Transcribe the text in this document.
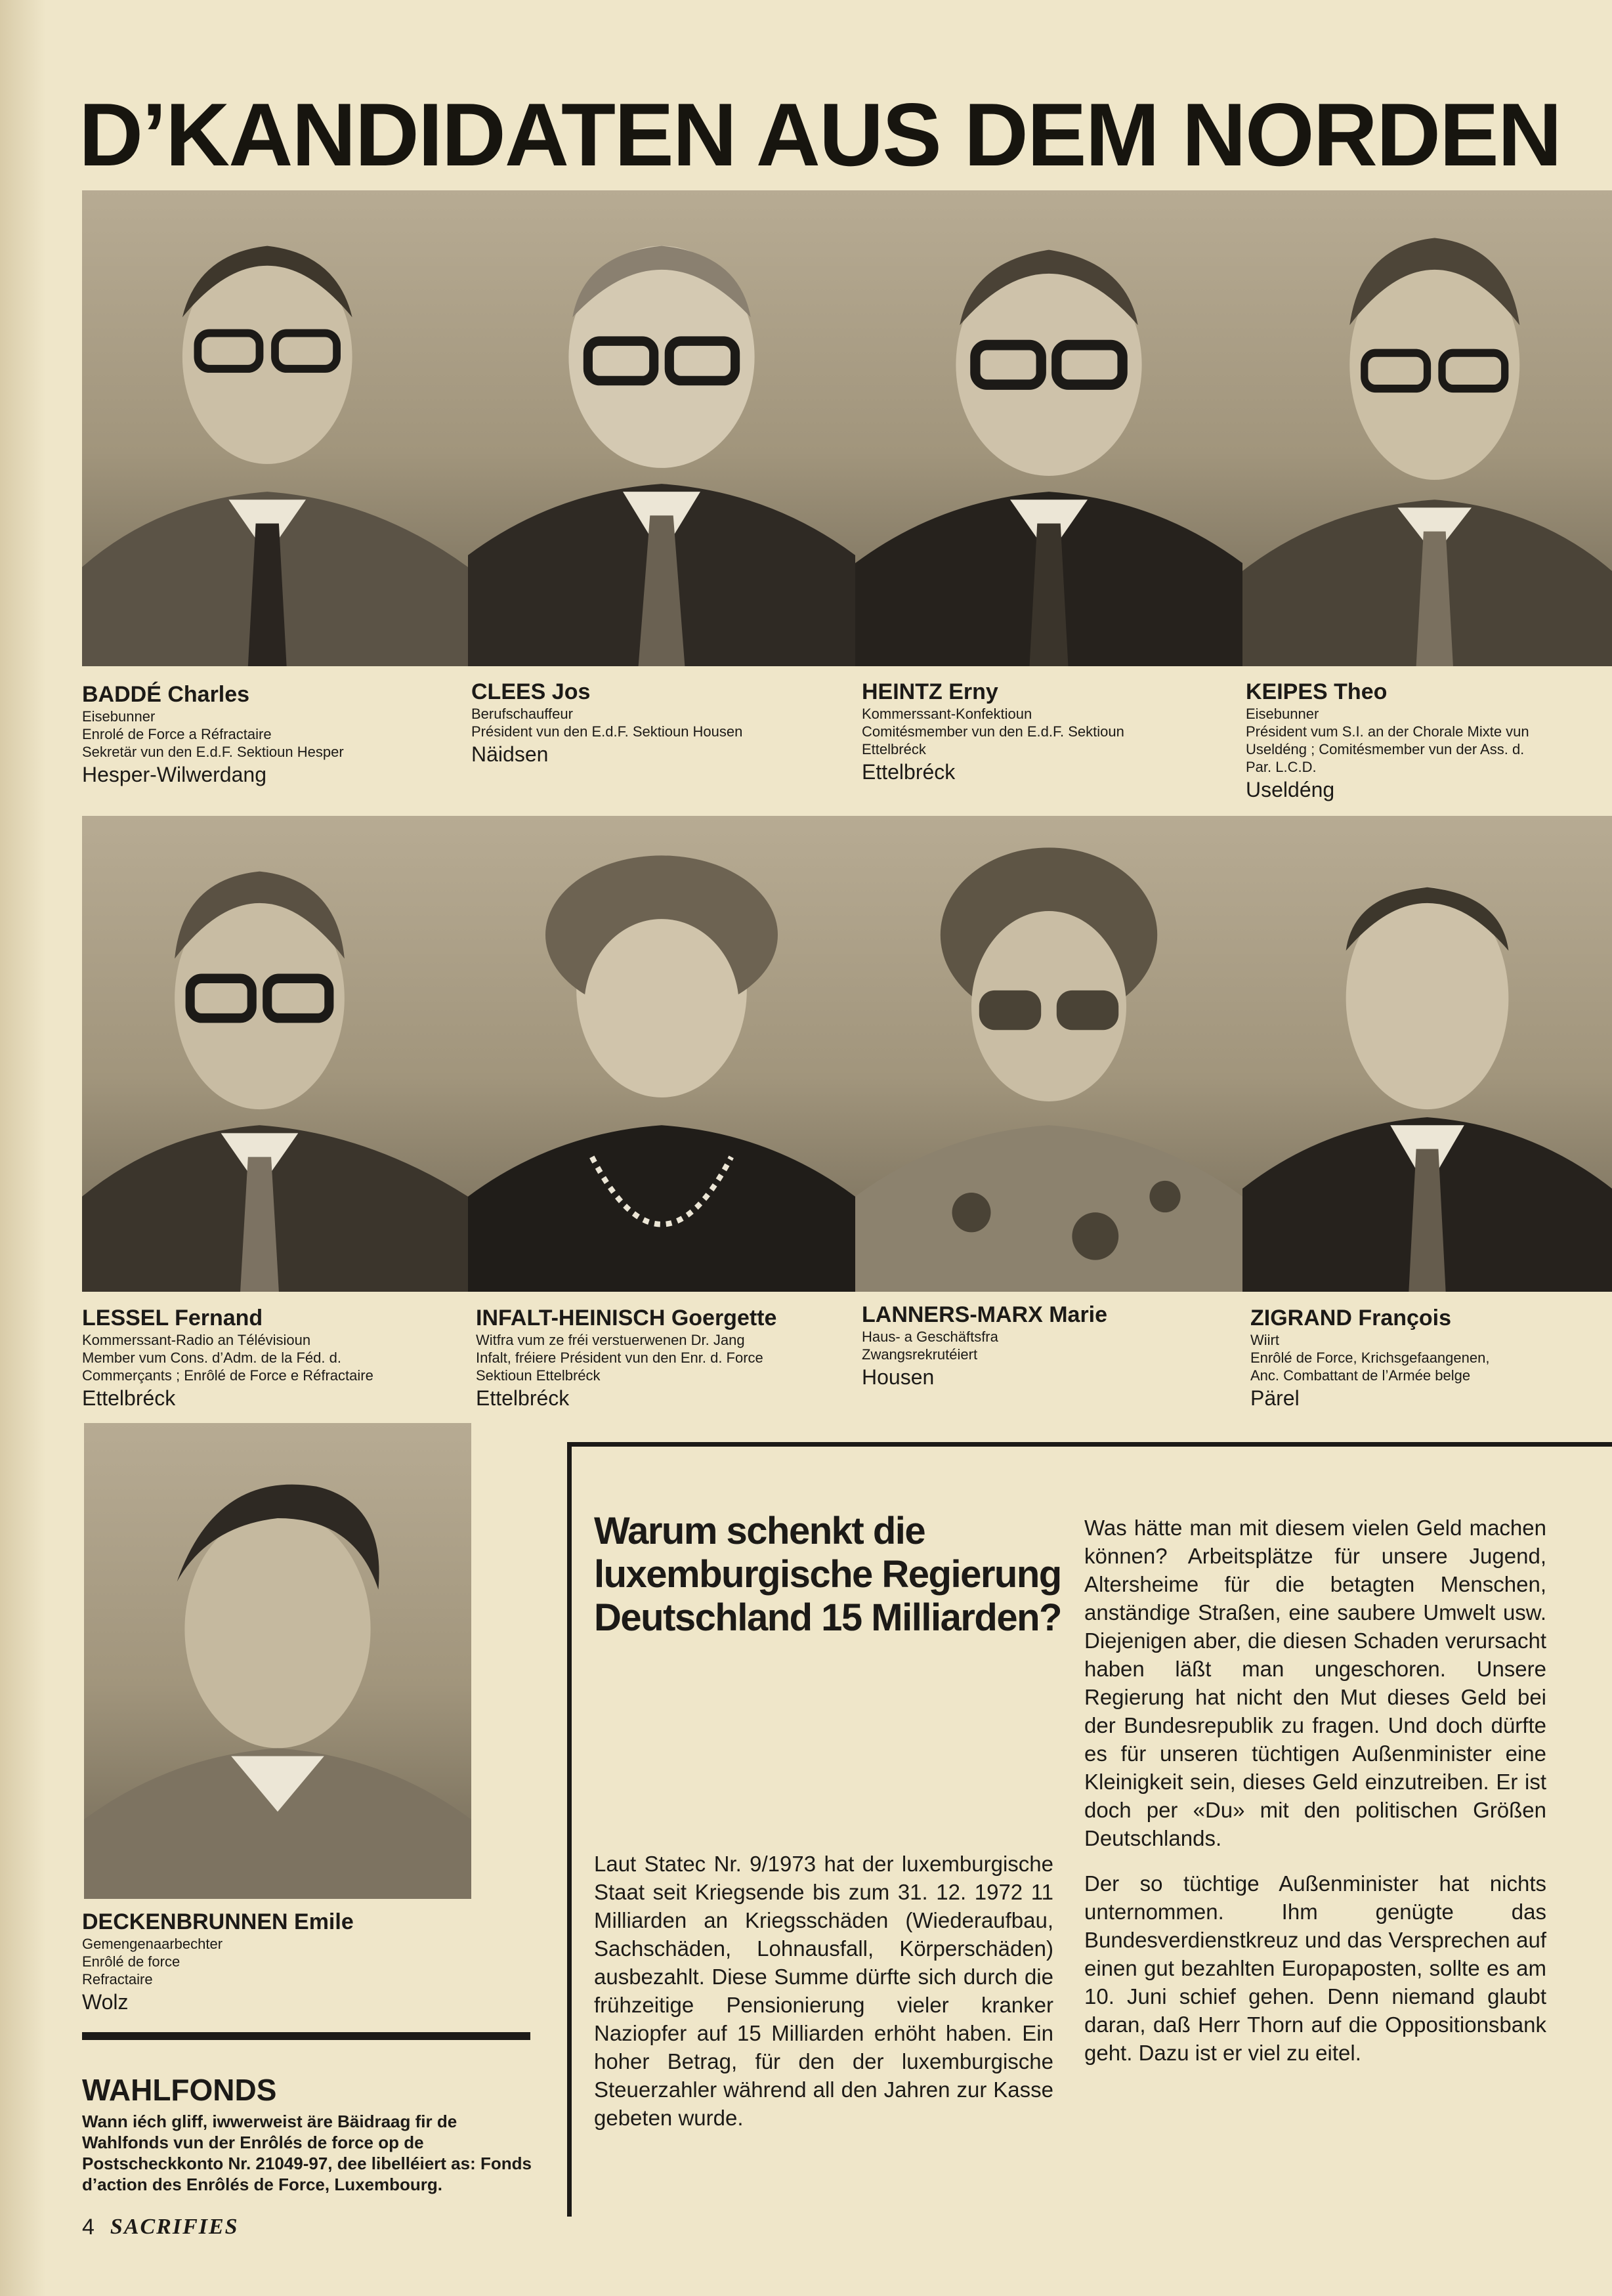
D’KANDIDATEN AUS DEM NORDEN
BADDÉ Charles
Eisebunner
Enrolé de Force a Réfractaire
Sekretär vun den E.d.F. Sektioun Hesper
Hesper-Wilwerdang
CLEES Jos
Berufschauffeur
Président vun den E.d.F. Sektioun Housen
Näidsen
HEINTZ Erny
Kommerssant-Konfektioun
Comitésmember vun den E.d.F. Sektioun
Ettelbréck
Ettelbréck
KEIPES Theo
Eisebunner
Président vum S.I. an der Chorale Mixte vun
Useldéng ; Comitésmember vun der Ass. d.
Par. L.C.D.
Useldéng
LESSEL Fernand
Kommerssant-Radio an Télévisioun
Member vum Cons. d’Adm. de la Féd. d.
Commerçants ; Enrôlé de Force e Réfractaire
Ettelbréck
INFALT-HEINISCH Goergette
Witfra vum ze fréi verstuerwenen Dr. Jang
Infalt, fréiere Président vun den Enr. d. Force
Sektioun Ettelbréck
Ettelbréck
LANNERS-MARX Marie
Haus- a Geschäftsfra
Zwangsrekrutéiert
Housen
ZIGRAND François
Wiirt
Enrôlé de Force, Krichsgefaangenen,
Anc. Combattant de l’Armée belge
Pärel
DECKENBRUNNEN Emile
Gemengenaarbechter
Enrôlé de force
Refractaire
Wolz
Warum schenkt die luxemburgische Regierung Deutschland 15 Milliarden?

Laut Statec Nr. 9/1973 hat der luxemburgische Staat seit Kriegsende bis zum 31. 12. 1972 11 Milliarden an Kriegsschäden (Wiederaufbau, Sachschäden, Lohnausfall, Körperschäden) ausbezahlt. Diese Summe dürfte sich durch die frühzeitige Pensionierung vieler kranker Naziopfer auf 15 Milliarden erhöht haben. Ein hoher Betrag, für den der luxemburgische Steuerzahler während all den Jahren zur Kasse gebeten wurde.

Was hätte man mit diesem vielen Geld machen können? Arbeitsplätze für unsere Jugend, Altersheime für die betagten Menschen, anständige Straßen, eine saubere Umwelt usw. Diejenigen aber, die diesen Schaden verursacht haben läßt man ungeschoren. Unsere Regierung hat nicht den Mut dieses Geld bei der Bundesrepublik zu fragen. Und doch dürfte es für unseren tüchtigen Außenminister eine Kleinigkeit sein, dieses Geld einzutreiben. Er ist doch per «Du» mit den politischen Größen Deutschlands.

Der so tüchtige Außenminister hat nichts unternommen. Ihm genügte das Bundesverdienstkreuz und das Versprechen auf einen gut bezahlten Europaposten, sollte es am 10. Juni schief gehen. Denn niemand glaubt daran, daß Herr Thorn auf die Oppositionsbank geht. Dazu ist er viel zu eitel.

WAHLFONDS
Wann iéch gliff, iwwerweist äre Bäidraag fir de Wahlfonds vun der Enrôlés de force op de Postscheckkonto Nr. 21049-97, dee libelléiert as: Fonds d’action des Enrôlés de Force, Luxembourg.
4 SACRIFIES
